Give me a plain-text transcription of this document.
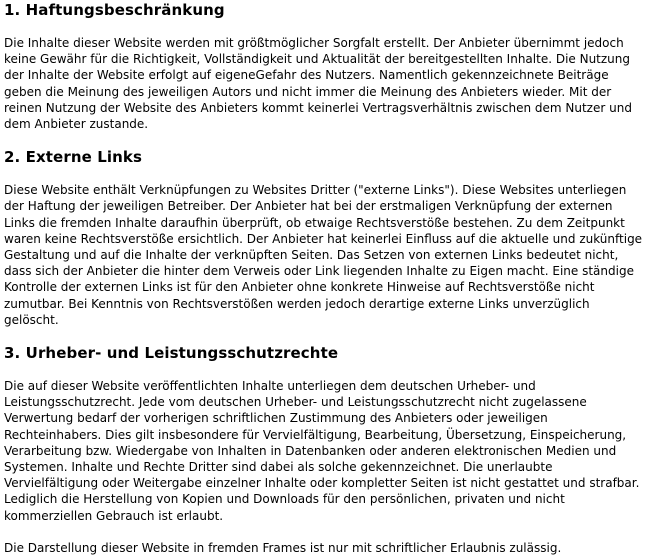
1. Haftungsbeschränkung

Die Inhalte dieser Website werden mit größtmöglicher Sorgfalt erstellt. Der Anbieter übernimmt jedoch keine Gewähr für die Richtigkeit, Vollständigkeit und Aktualität der bereitgestellten Inhalte. Die Nutzung der Inhalte der Website erfolgt auf eigeneGefahr des Nutzers. Namentlich gekennzeichnete Beiträge geben die Meinung des jeweiligen Autors und nicht immer die Meinung des Anbieters wieder. Mit der reinen Nutzung der Website des Anbieters kommt keinerlei Vertragsverhältnis zwischen dem Nutzer und dem Anbieter zustande.

2. Externe Links

Diese Website enthält Verknüpfungen zu Websites Dritter ("externe Links"). Diese Websites unterliegen der Haftung der jeweiligen Betreiber. Der Anbieter hat bei der erstmaligen Verknüpfung der externen Links die fremden Inhalte daraufhin überprüft, ob etwaige Rechtsverstöße bestehen. Zu dem Zeitpunkt waren keine Rechtsverstöße ersichtlich. Der Anbieter hat keinerlei Einfluss auf die aktuelle und zukünftige Gestaltung und auf die Inhalte der verknüpften Seiten. Das Setzen von externen Links bedeutet nicht, dass sich der Anbieter die hinter dem Verweis oder Link liegenden Inhalte zu Eigen macht. Eine ständige Kontrolle der externen Links ist für den Anbieter ohne konkrete Hinweise auf Rechtsverstöße nicht zumutbar. Bei Kenntnis von Rechtsverstößen werden jedoch derartige externe Links unverzüglich gelöscht.

3. Urheber- und Leistungsschutzrechte

Die auf dieser Website veröffentlichten Inhalte unterliegen dem deutschen Urheber- und Leistungsschutzrecht. Jede vom deutschen Urheber- und Leistungsschutzrecht nicht zugelassene Verwertung bedarf der vorherigen schriftlichen Zustimmung des Anbieters oder jeweiligen Rechteinhabers. Dies gilt insbesondere für Vervielfältigung, Bearbeitung, Übersetzung, Einspeicherung, Verarbeitung bzw. Wiedergabe von Inhalten in Datenbanken oder anderen elektronischen Medien und Systemen. Inhalte und Rechte Dritter sind dabei als solche gekennzeichnet. Die unerlaubte Vervielfältigung oder Weitergabe einzelner Inhalte oder kompletter Seiten ist nicht gestattet und strafbar. Lediglich die Herstellung von Kopien und Downloads für den persönlichen, privaten und nicht kommerziellen Gebrauch ist erlaubt.

Die Darstellung dieser Website in fremden Frames ist nur mit schriftlicher Erlaubnis zulässig.
